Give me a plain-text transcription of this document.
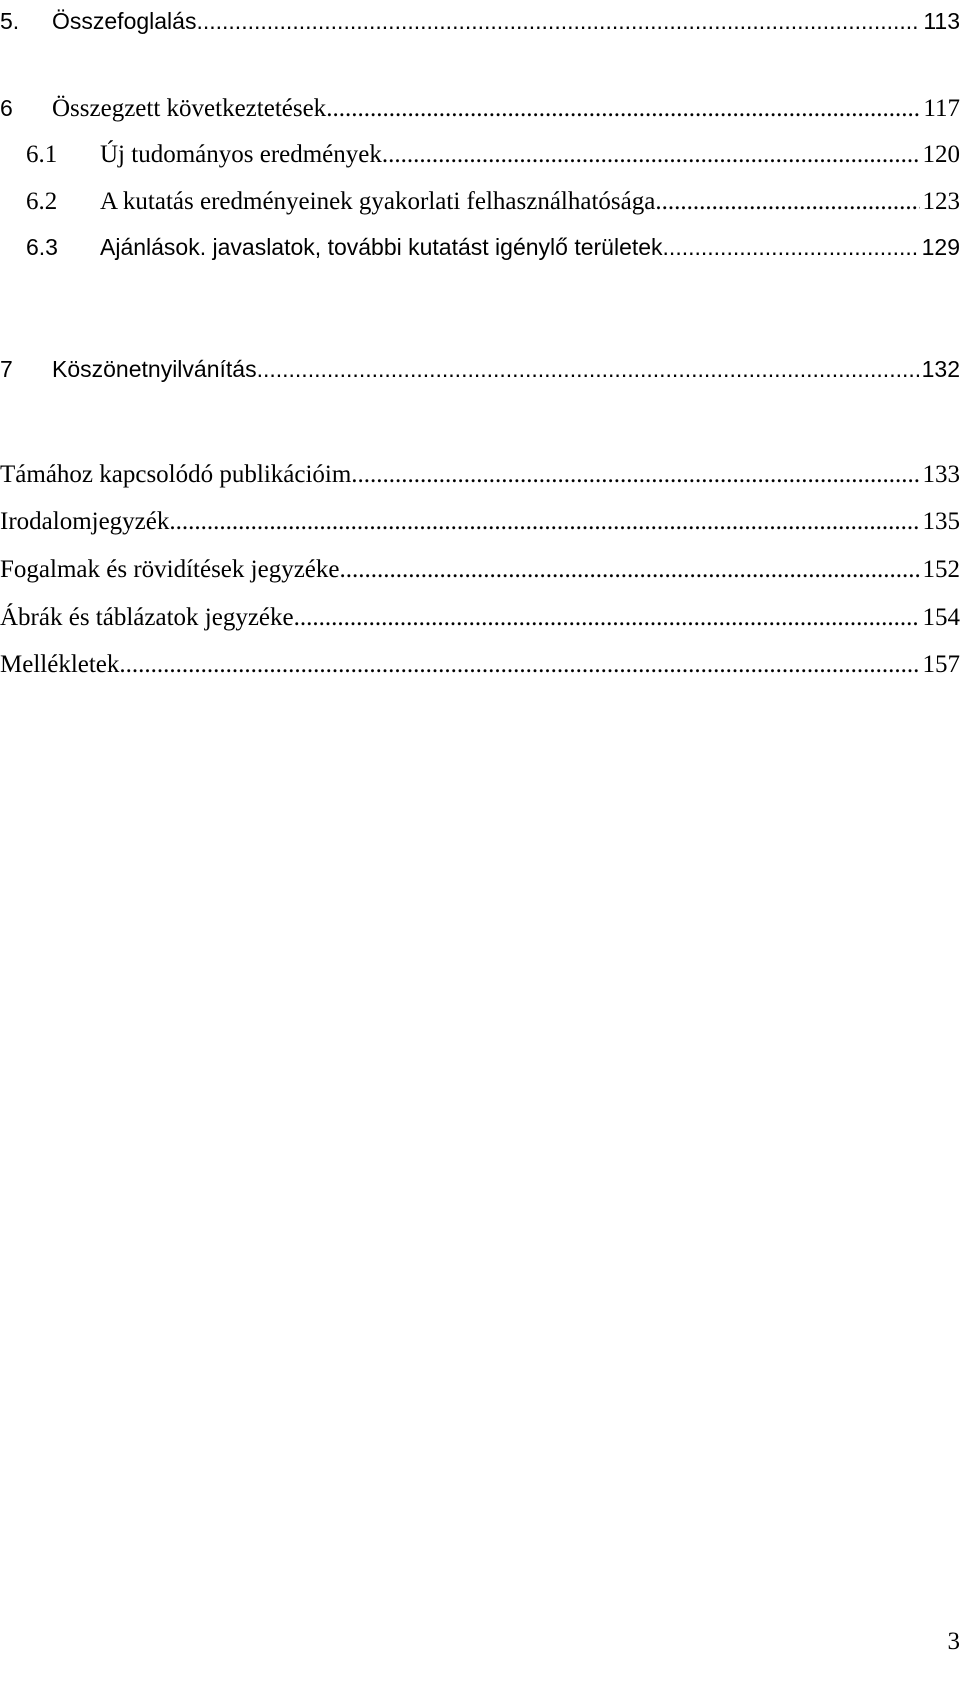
5.	Összefoglalás .....	113
6	Összegzett következtetések .....	117
6.1	Új tudományos eredmények .....	120
6.2	A kutatás eredményeinek gyakorlati felhasználhatósága .....	123
6.3	Ajánlások. javaslatok, további kutatást igénylő területek .....	129
7	Köszönetnyilvánítás .....	132
Támához kapcsolódó publikációim .....	133
Irodalomjegyzék .....	135
Fogalmak és rövidítések jegyzéke .....	152
Ábrák és táblázatok jegyzéke .....	154
Mellékletek .....	157
3
